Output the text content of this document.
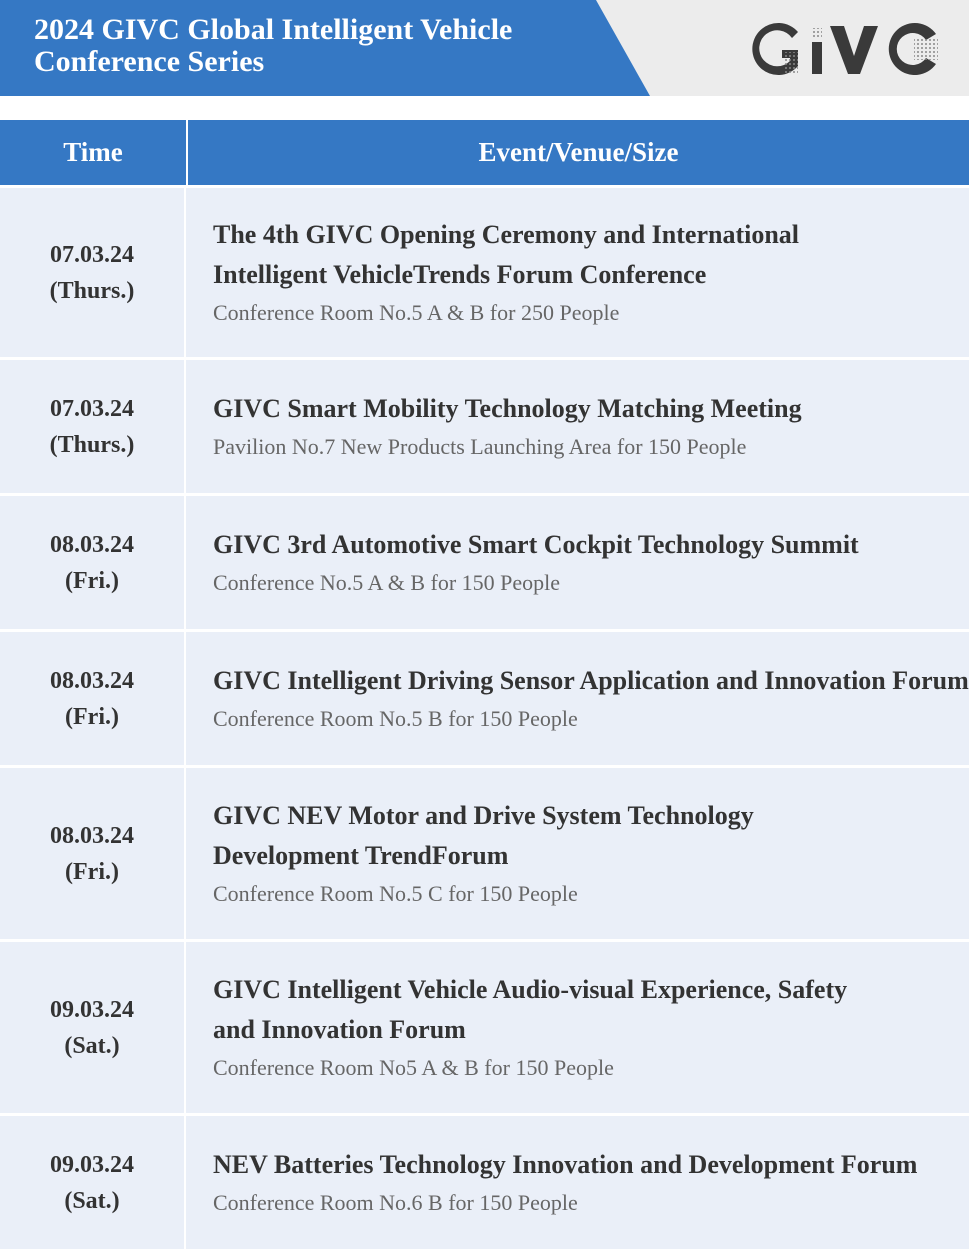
2024 GIVC Global Intelligent Vehicle
Conference Series
GIVC
Time	Event/Venue/Size
07.03.24
(Thurs.)
The 4th GIVC Opening Ceremony and International
Intelligent VehicleTrends Forum Conference
Conference Room No.5 A & B for 250 People
07.03.24
(Thurs.)
GIVC Smart Mobility Technology Matching Meeting
Pavilion No.7 New Products Launching Area for 150 People
08.03.24
(Fri.)
GIVC 3rd Automotive Smart Cockpit Technology Summit
Conference No.5 A & B for 150 People
08.03.24
(Fri.)
GIVC Intelligent Driving Sensor Application and Innovation Forum
Conference Room No.5 B for 150 People
08.03.24
(Fri.)
GIVC NEV Motor and Drive System Technology
Development TrendForum
Conference Room No.5 C for 150 People
09.03.24
(Sat.)
GIVC Intelligent Vehicle Audio-visual Experience, Safety
and Innovation Forum
Conference Room No5 A & B for 150 People
09.03.24
(Sat.)
NEV Batteries Technology Innovation and Development Forum
Conference Room No.6 B for 150 People
